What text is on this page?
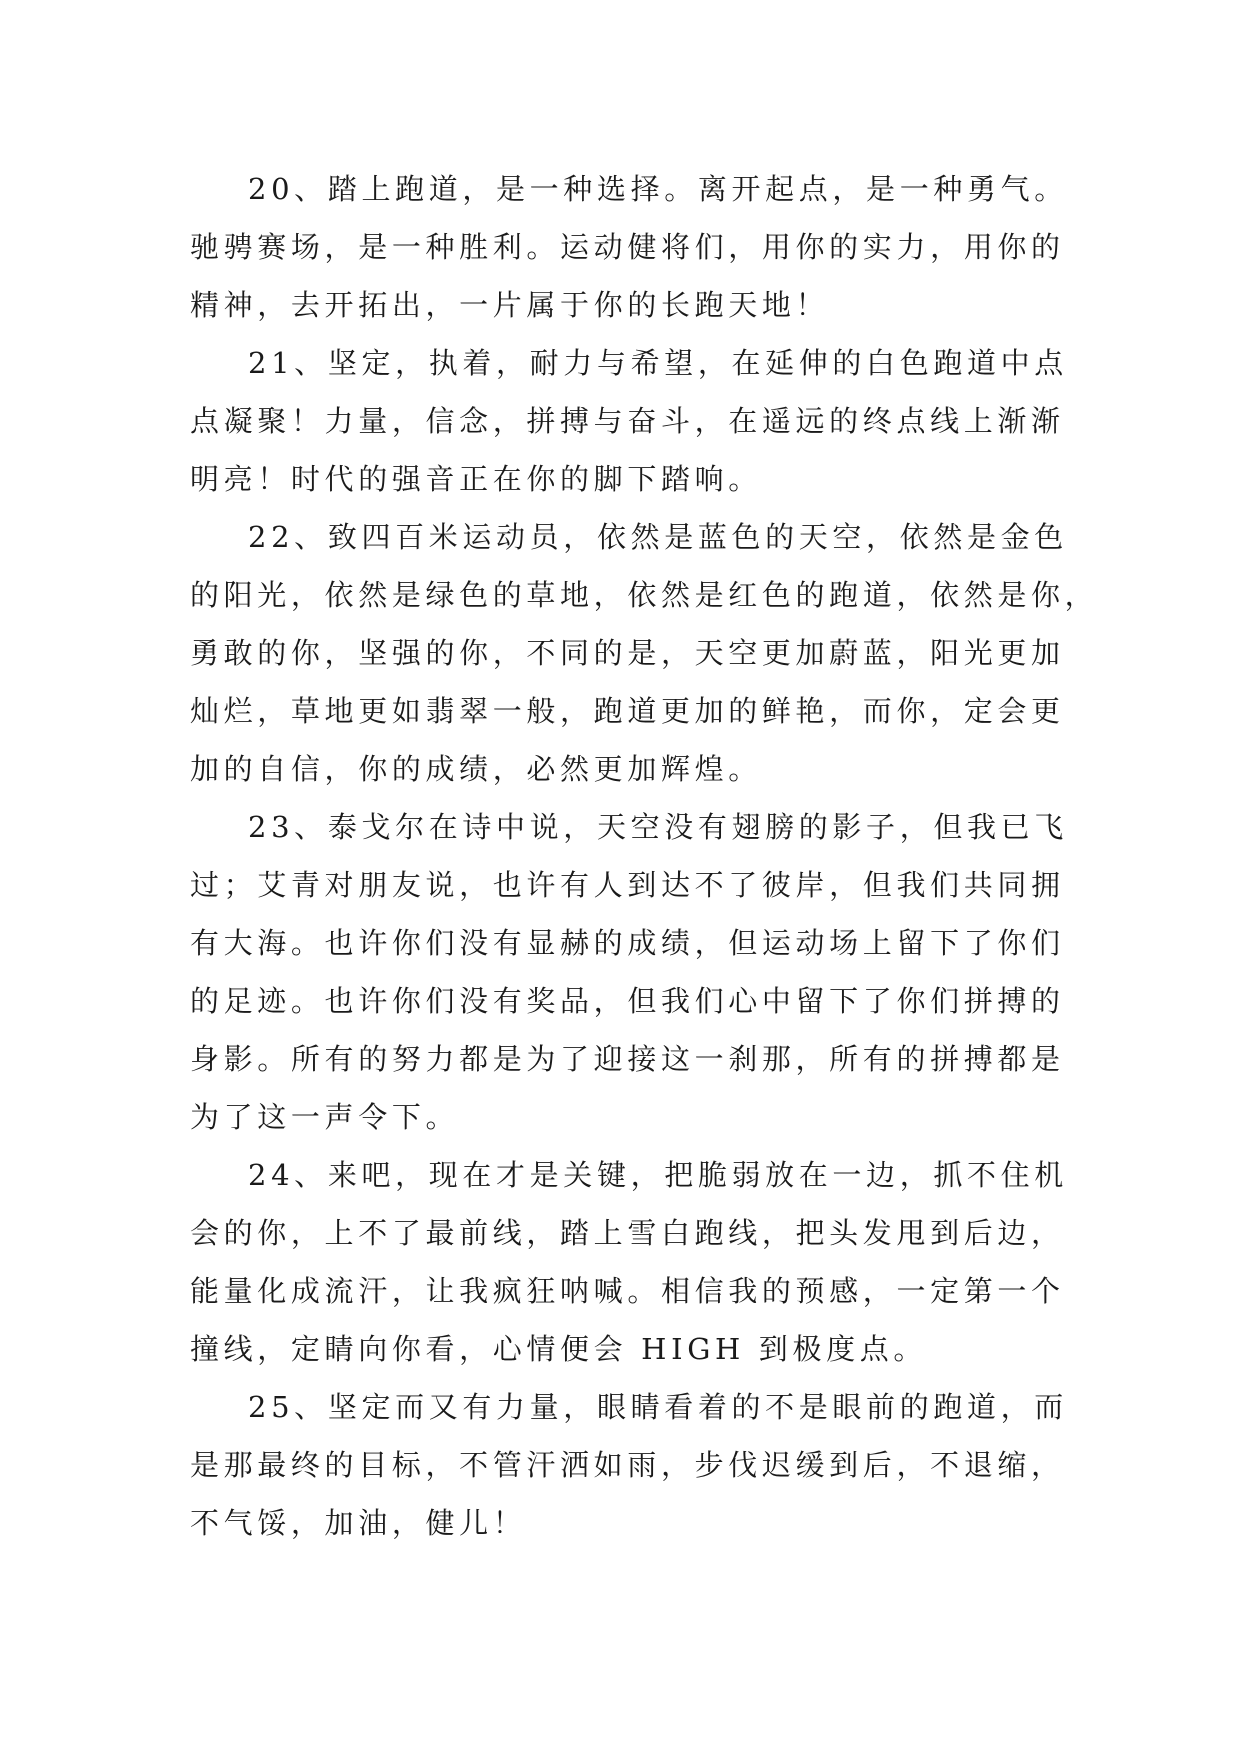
20、踏上跑道，是一种选择。离开起点，是一种勇气。
驰骋赛场，是一种胜利。运动健将们，用你的实力，用你的
精神，去开拓出，一片属于你的长跑天地！
21、坚定，执着，耐力与希望，在延伸的白色跑道中点
点凝聚！力量，信念，拼搏与奋斗，在遥远的终点线上渐渐
明亮！时代的强音正在你的脚下踏响。
22、致四百米运动员，依然是蓝色的天空，依然是金色
的阳光，依然是绿色的草地，依然是红色的跑道，依然是你，
勇敢的你，坚强的你，不同的是，天空更加蔚蓝，阳光更加
灿烂，草地更如翡翠一般，跑道更加的鲜艳，而你，定会更
加的自信，你的成绩，必然更加辉煌。
23、泰戈尔在诗中说，天空没有翅膀的影子，但我已飞
过；艾青对朋友说，也许有人到达不了彼岸，但我们共同拥
有大海。也许你们没有显赫的成绩，但运动场上留下了你们
的足迹。也许你们没有奖品，但我们心中留下了你们拼搏的
身影。所有的努力都是为了迎接这一刹那，所有的拼搏都是
为了这一声令下。
24、来吧，现在才是关键，把脆弱放在一边，抓不住机
会的你，上不了最前线，踏上雪白跑线，把头发甩到后边，
能量化成流汗，让我疯狂呐喊。相信我的预感，一定第一个
撞线，定睛向你看，心情便会 HIGH 到极度点。
25、坚定而又有力量，眼睛看着的不是眼前的跑道，而
是那最终的目标，不管汗洒如雨，步伐迟缓到后，不退缩，
不气馁，加油，健儿！
